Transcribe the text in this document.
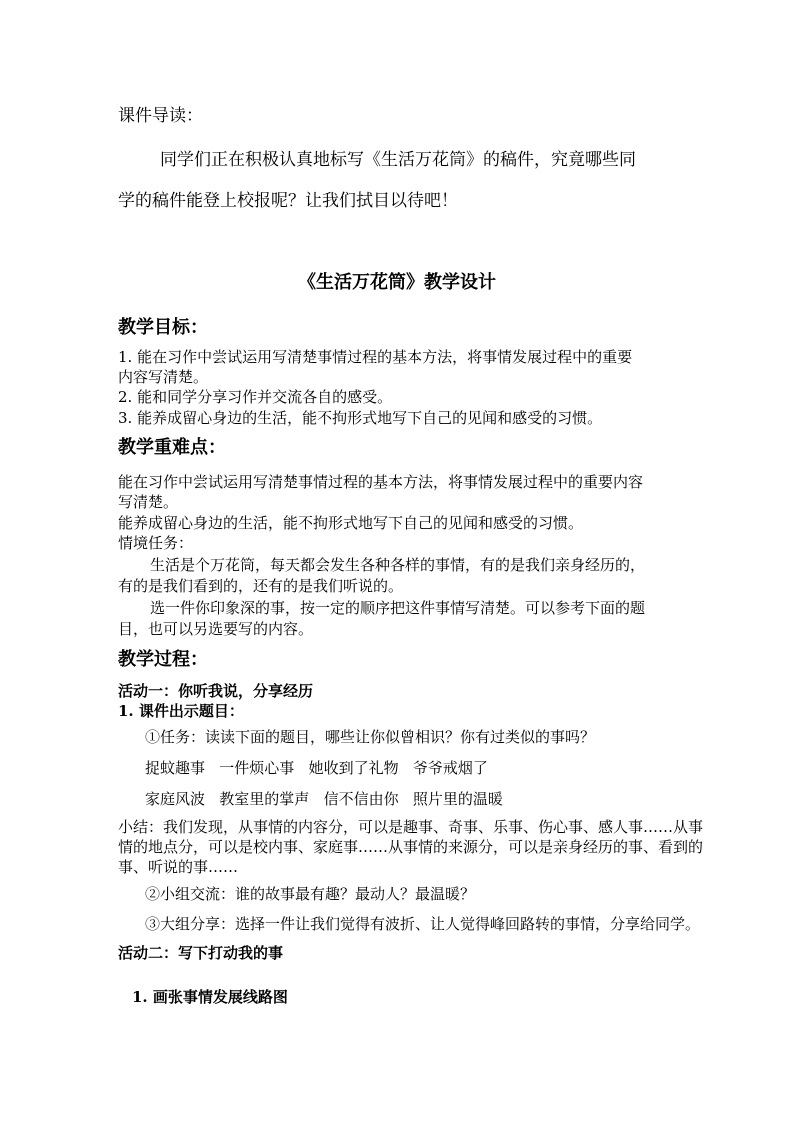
课件导读：
同学们正在积极认真地标写《生活万花筒》的稿件，究竟哪些同
学的稿件能登上校报呢？让我们拭目以待吧！
《生活万花筒》教学设计
教学目标：
1. 能在习作中尝试运用写清楚事情过程的基本方法，将事情发展过程中的重要
内容写清楚。
2. 能和同学分享习作并交流各自的感受。
3. 能养成留心身边的生活，能不拘形式地写下自己的见闻和感受的习惯。
教学重难点：
能在习作中尝试运用写清楚事情过程的基本方法，将事情发展过程中的重要内容
写清楚。
能养成留心身边的生活，能不拘形式地写下自己的见闻和感受的习惯。
情境任务：
生活是个万花筒，每天都会发生各种各样的事情，有的是我们亲身经历的，
有的是我们看到的，还有的是我们听说的。
选一件你印象深的事，按一定的顺序把这件事情写清楚。可以参考下面的题
目，也可以另选要写的内容。
教学过程：
活动一：你听我说，分享经历
1. 课件出示题目：
①任务：读读下面的题目，哪些让你似曾相识？你有过类似的事吗？
捉蚊趣事   一件烦心事   她收到了礼物   爷爷戒烟了
家庭风波   教室里的掌声   信不信由你   照片里的温暖
小结：我们发现，从事情的内容分，可以是趣事、奇事、乐事、伤心事、感人事……从事
情的地点分，可以是校内事、家庭事……从事情的来源分，可以是亲身经历的事、看到的
事、听说的事……
②小组交流：谁的故事最有趣？最动人？最温暖？
③大组分享：选择一件让我们觉得有波折、让人觉得峰回路转的事情，分享给同学。
活动二：写下打动我的事
1. 画张事情发展线路图
